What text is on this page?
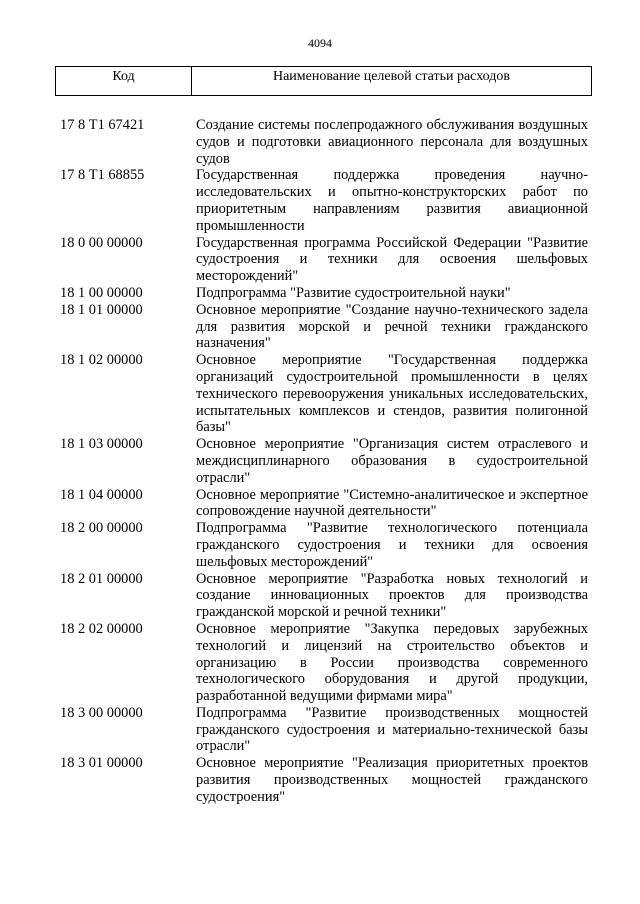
4094
Код	Наименование целевой статьи расходов
17 8 Т1 67421	Создание системы послепродажного обслуживания воздушных судов и подготовки авиационного персонала для воздушных судов
17 8 Т1 68855	Государственная поддержка проведения научно-исследовательских и опытно-конструкторских работ по приоритетным направлениям развития авиационной промышленности
18 0 00 00000	Государственная программа Российской Федерации "Развитие судостроения и техники для освоения шельфовых месторождений"
18 1 00 00000	Подпрограмма "Развитие судостроительной науки"
18 1 01 00000	Основное мероприятие "Создание научно-технического задела для развития морской и речной техники гражданского назначения"
18 1 02 00000	Основное мероприятие "Государственная поддержка организаций судостроительной промышленности в целях технического перевооружения уникальных исследовательских, испытательных комплексов и стендов, развития полигонной базы"
18 1 03 00000	Основное мероприятие "Организация систем отраслевого и междисциплинарного образования в судостроительной отрасли"
18 1 04 00000	Основное мероприятие "Системно-аналитическое и экспертное сопровождение научной деятельности"
18 2 00 00000	Подпрограмма "Развитие технологического потенциала гражданского судостроения и техники для освоения шельфовых месторождений"
18 2 01 00000	Основное мероприятие "Разработка новых технологий и создание инновационных проектов для производства гражданской морской и речной техники"
18 2 02 00000	Основное мероприятие "Закупка передовых зарубежных технологий и лицензий на строительство объектов и организацию в России производства современного технологического оборудования и другой продукции, разработанной ведущими фирмами мира"
18 3 00 00000	Подпрограмма "Развитие производственных мощностей гражданского судостроения и материально-технической базы отрасли"
18 3 01 00000	Основное мероприятие "Реализация приоритетных проектов развития производственных мощностей гражданского судостроения"
